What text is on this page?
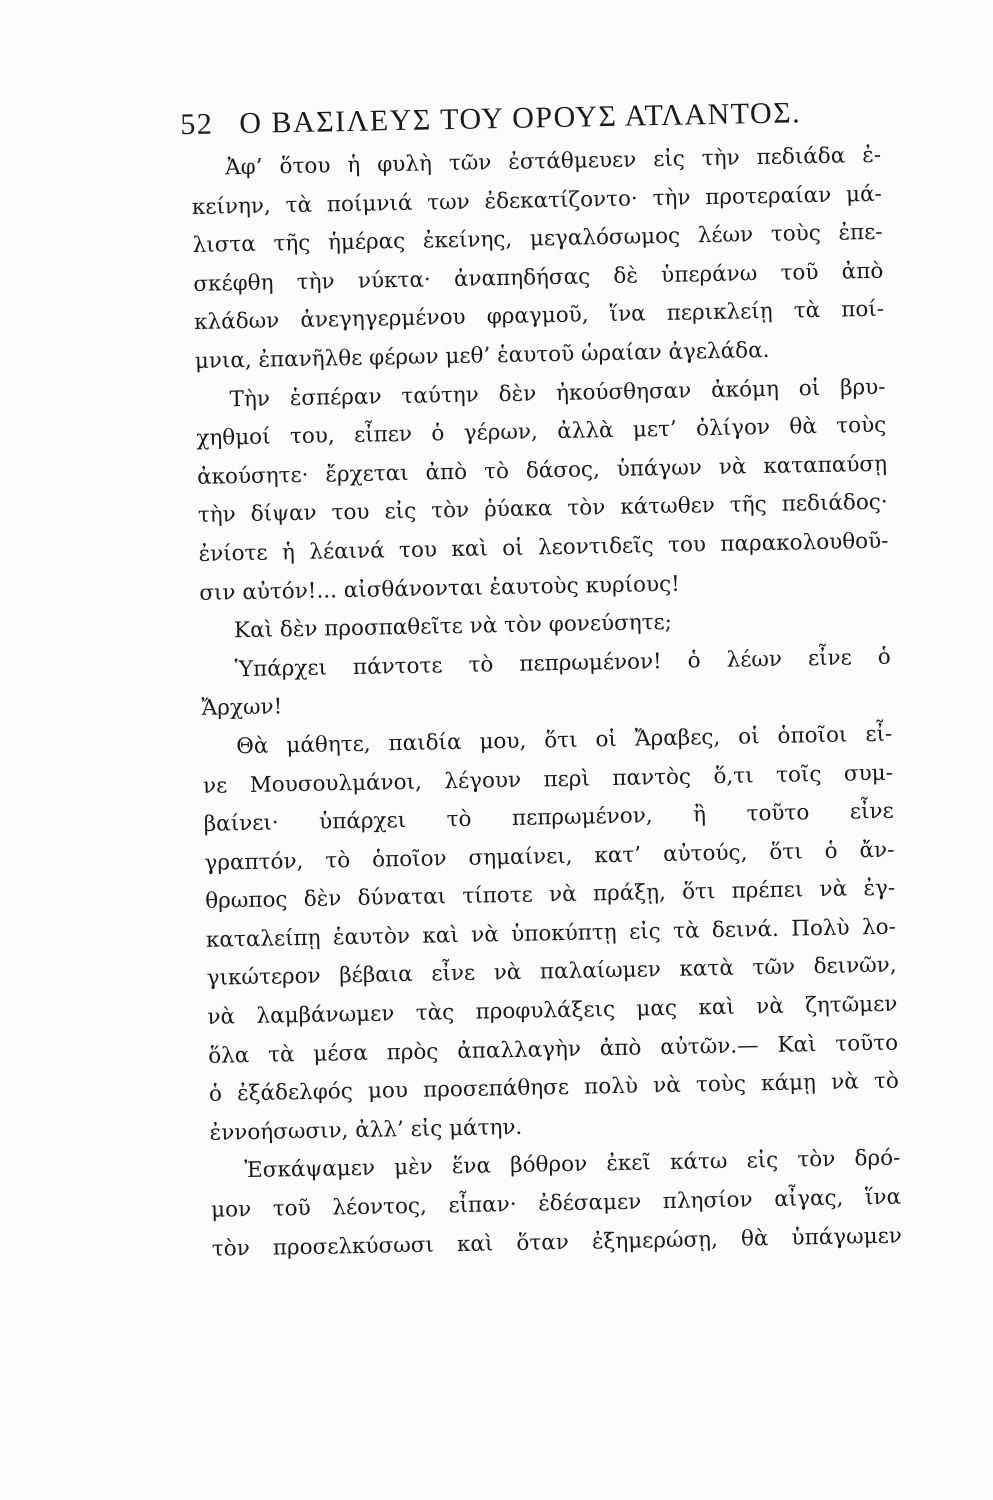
52 Ο ΒΑΣΙΛΕΥΣ ΤΟΥ ΟΡΟΥΣ ΑΤΛΑΝΤΟΣ.
Ἀφ’ ὅτου ἡ φυλὴ τῶν ἐστάθμευεν εἰς τὴν πεδιάδα ἐ-
κείνην, τὰ ποίμνιά των ἐδεκατίζοντο· τὴν προτεραίαν μά-
λιστα τῆς ἡμέρας ἐκείνης, μεγαλόσωμος λέων τοὺς ἐπε-
σκέφθη τὴν νύκτα· ἀναπηδήσας δὲ ὑπεράνω τοῦ ἀπὸ
κλάδων ἀνεγηγερμένου φραγμοῦ, ἵνα περικλείῃ τὰ ποί-
μνια, ἐπανῆλθε φέρων μεθ’ ἑαυτοῦ ὡραίαν ἀγελάδα.
Τὴν ἑσπέραν ταύτην δὲν ἠκούσθησαν ἀκόμη οἱ βρυ-
χηθμοί του, εἶπεν ὁ γέρων, ἀλλὰ μετ’ ὀλίγον θὰ τοὺς
ἀκούσητε· ἔρχεται ἀπὸ τὸ δάσος, ὑπάγων νὰ καταπαύσῃ
τὴν δίψαν του εἰς τὸν ῥύακα τὸν κάτωθεν τῆς πεδιάδος·
ἐνίοτε ἡ λέαινά του καὶ οἱ λεοντιδεῖς του παρακολουθοῦ-
σιν αὐτόν!... αἰσθάνονται ἑαυτοὺς κυρίους!
Καὶ δὲν προσπαθεῖτε νὰ τὸν φονεύσητε;
Ὑπάρχει πάντοτε τὸ πεπρωμένον! ὁ λέων εἶνε ὁ
Ἄρχων!
Θὰ μάθητε, παιδία μου, ὅτι οἱ Ἄραβες, οἱ ὁποῖοι εἶ-
νε Μουσουλμάνοι, λέγουν περὶ παντὸς ὅ,τι τοῖς συμ-
βαίνει· ὑπάρχει τὸ πεπρωμένον, ἢ τοῦτο εἶνε
γραπτόν, τὸ ὁποῖον σημαίνει, κατ’ αὐτούς, ὅτι ὁ ἄν-
θρωπος δὲν δύναται τίποτε νὰ πράξῃ, ὅτι πρέπει νὰ ἐγ-
καταλείπῃ ἑαυτὸν καὶ νὰ ὑποκύπτῃ εἰς τὰ δεινά. Πολὺ λο-
γικώτερον βέβαια εἶνε νὰ παλαίωμεν κατὰ τῶν δεινῶν,
νὰ λαμβάνωμεν τὰς προφυλάξεις μας καὶ νὰ ζητῶμεν
ὅλα τὰ μέσα πρὸς ἀπαλλαγὴν ἀπὸ αὐτῶν.— Καὶ τοῦτο
ὁ ἐξάδελφός μου προσεπάθησε πολὺ νὰ τοὺς κάμῃ νὰ τὸ
ἐννοήσωσιν, ἀλλ’ εἰς μάτην.
Ἐσκάψαμεν μὲν ἕνα βόθρον ἐκεῖ κάτω εἰς τὸν δρό-
μον τοῦ λέοντος, εἶπαν· ἐδέσαμεν πλησίον αἶγας, ἵνα
τὸν προσελκύσωσι καὶ ὅταν ἐξημερώσῃ, θὰ ὑπάγωμεν
